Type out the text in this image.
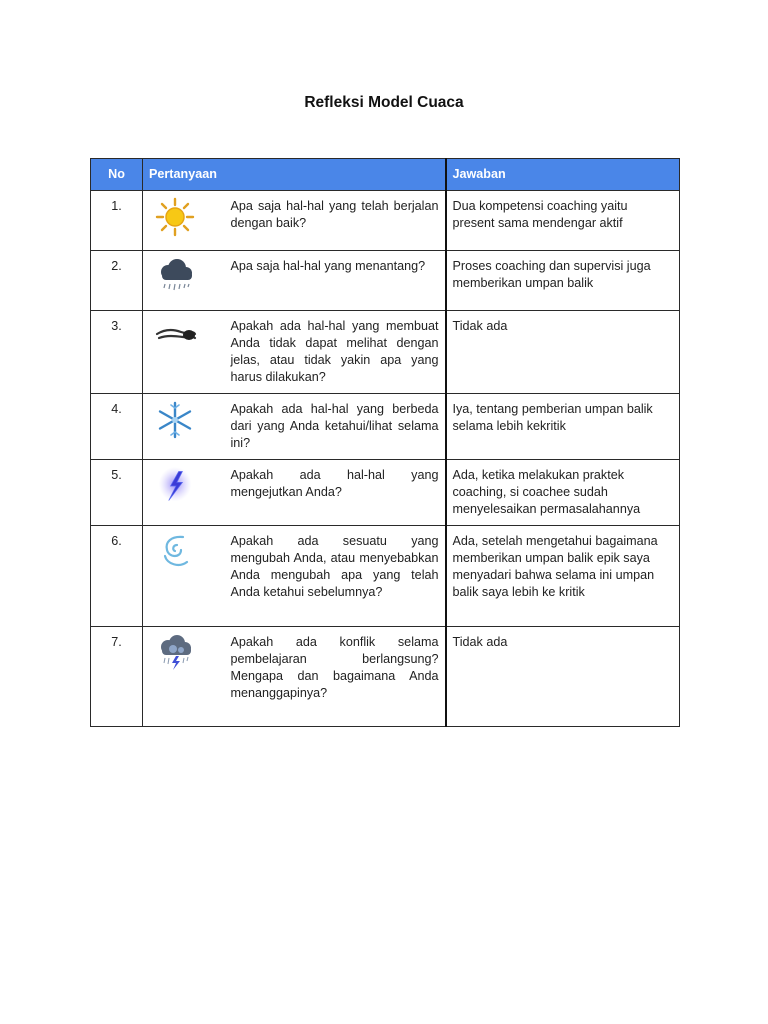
Refleksi Model Cuaca
No	Pertanyaan		Jawaban
1.		Apa saja hal-hal yang telah berjalan dengan baik?	Dua kompetensi coaching yaitu present sama mendengar aktif
2.		Apa saja hal-hal yang menantang?	Proses coaching dan supervisi juga memberikan umpan balik
3.		Apakah ada hal-hal yang membuat Anda tidak dapat melihat dengan jelas, atau tidak yakin apa yang harus dilakukan?	Tidak ada
4.		Apakah ada hal-hal yang berbeda dari yang Anda ketahui/lihat selama ini?	Iya, tentang pemberian umpan balik selama lebih kekritik
5.		Apakah ada hal-hal yang mengejutkan Anda?	Ada, ketika melakukan praktek coaching, si coachee sudah menyelesaikan permasalahannya
6.		Apakah ada sesuatu yang mengubah Anda, atau menyebabkan Anda mengubah apa yang telah Anda ketahui sebelumnya?	Ada, setelah mengetahui bagaimana memberikan umpan balik epik saya menyadari bahwa selama ini umpan balik saya lebih ke kritik
7.		Apakah ada konflik selama pembelajaran berlangsung? Mengapa dan bagaimana Anda menanggapinya?	Tidak ada
